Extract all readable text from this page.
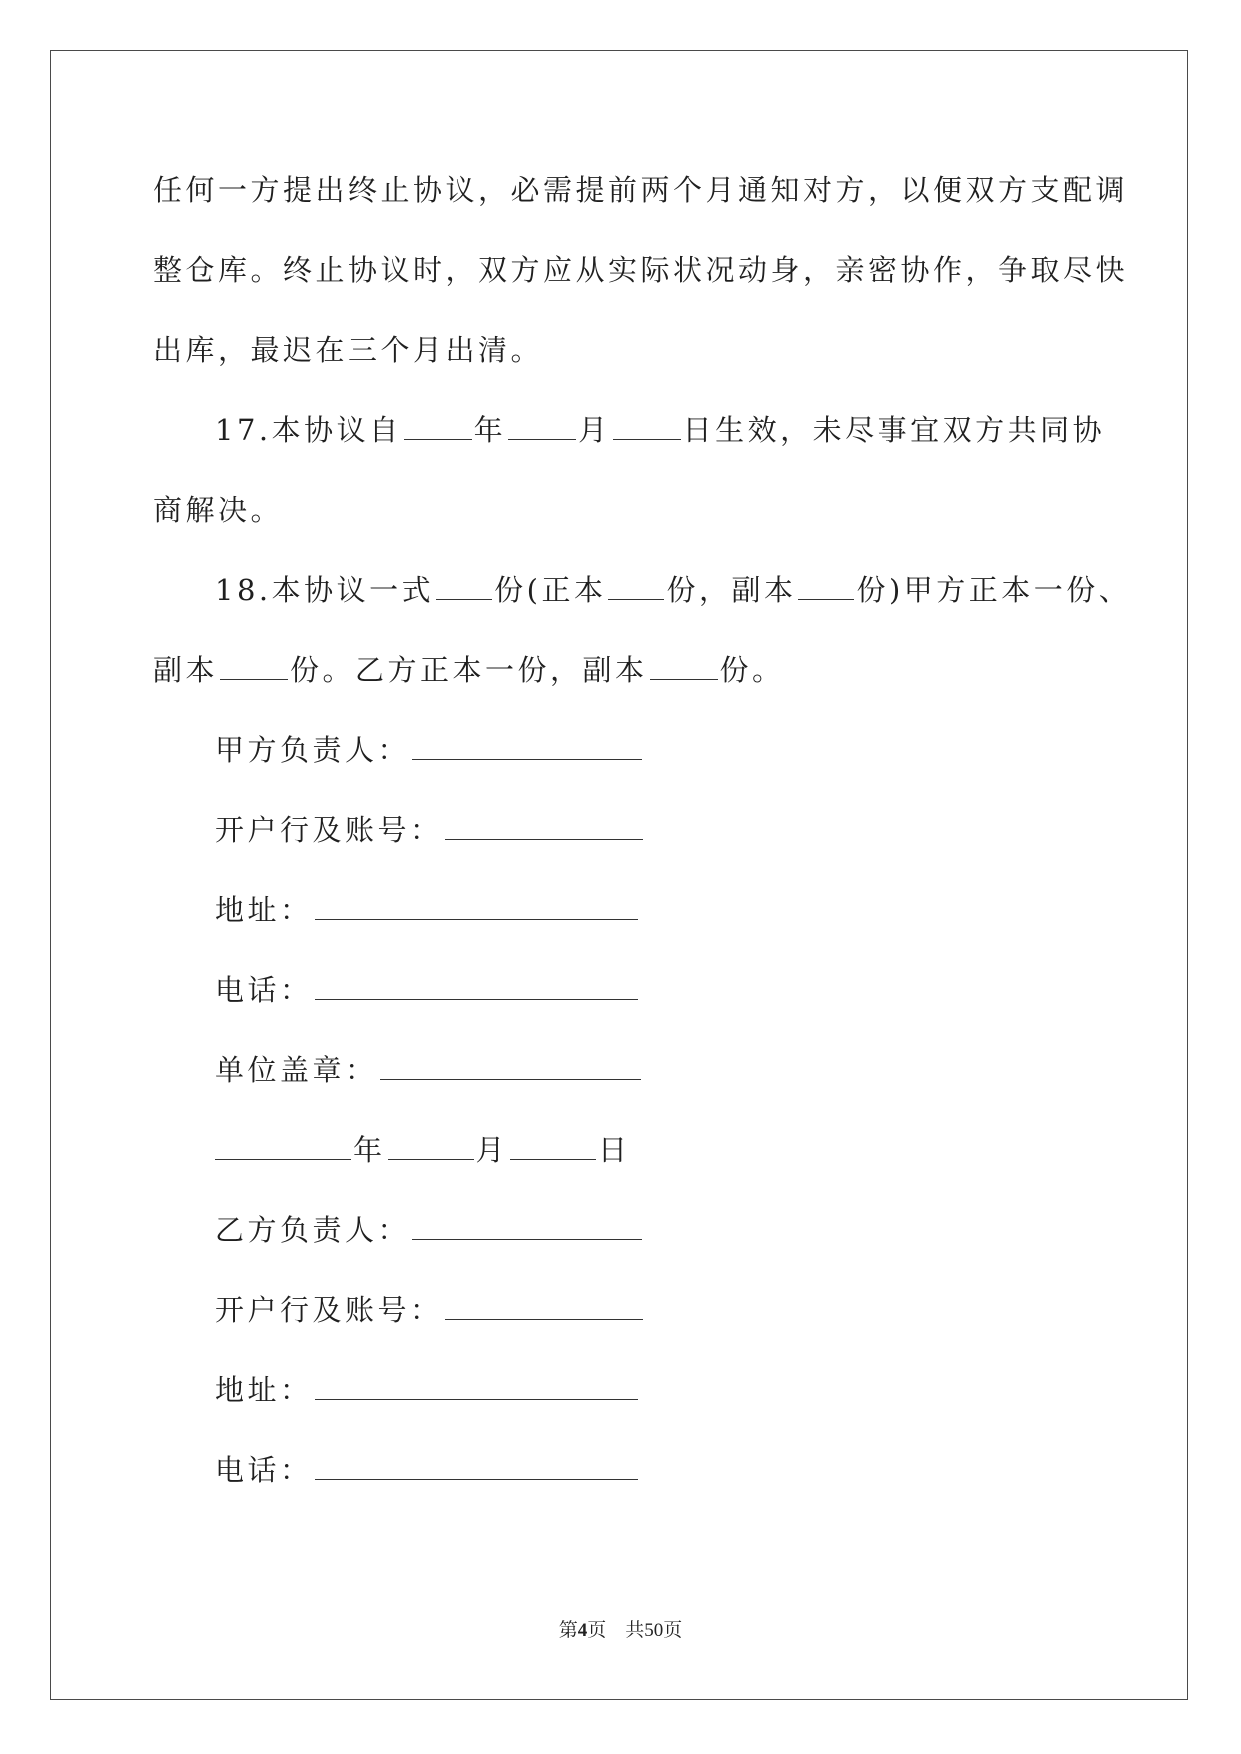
任何一方提出终止协议，必需提前两个月通知对方，以便双方支配调
整仓库。终止协议时，双方应从实际状况动身，亲密协作，争取尽快
出库，最迟在三个月出清。
17.本协议自 年 月 日生效，未尽事宜双方共同协
商解决。
18.本协议一式 份(正本 份，副本 份)甲方正本一份、
副本 份。乙方正本一份，副本 份。
甲方负责人：
开户行及账号：
地址：
电话：
单位盖章：
年	月	日
乙方负责人：
开户行及账号：
地址：
电话：
第4页　共50页
